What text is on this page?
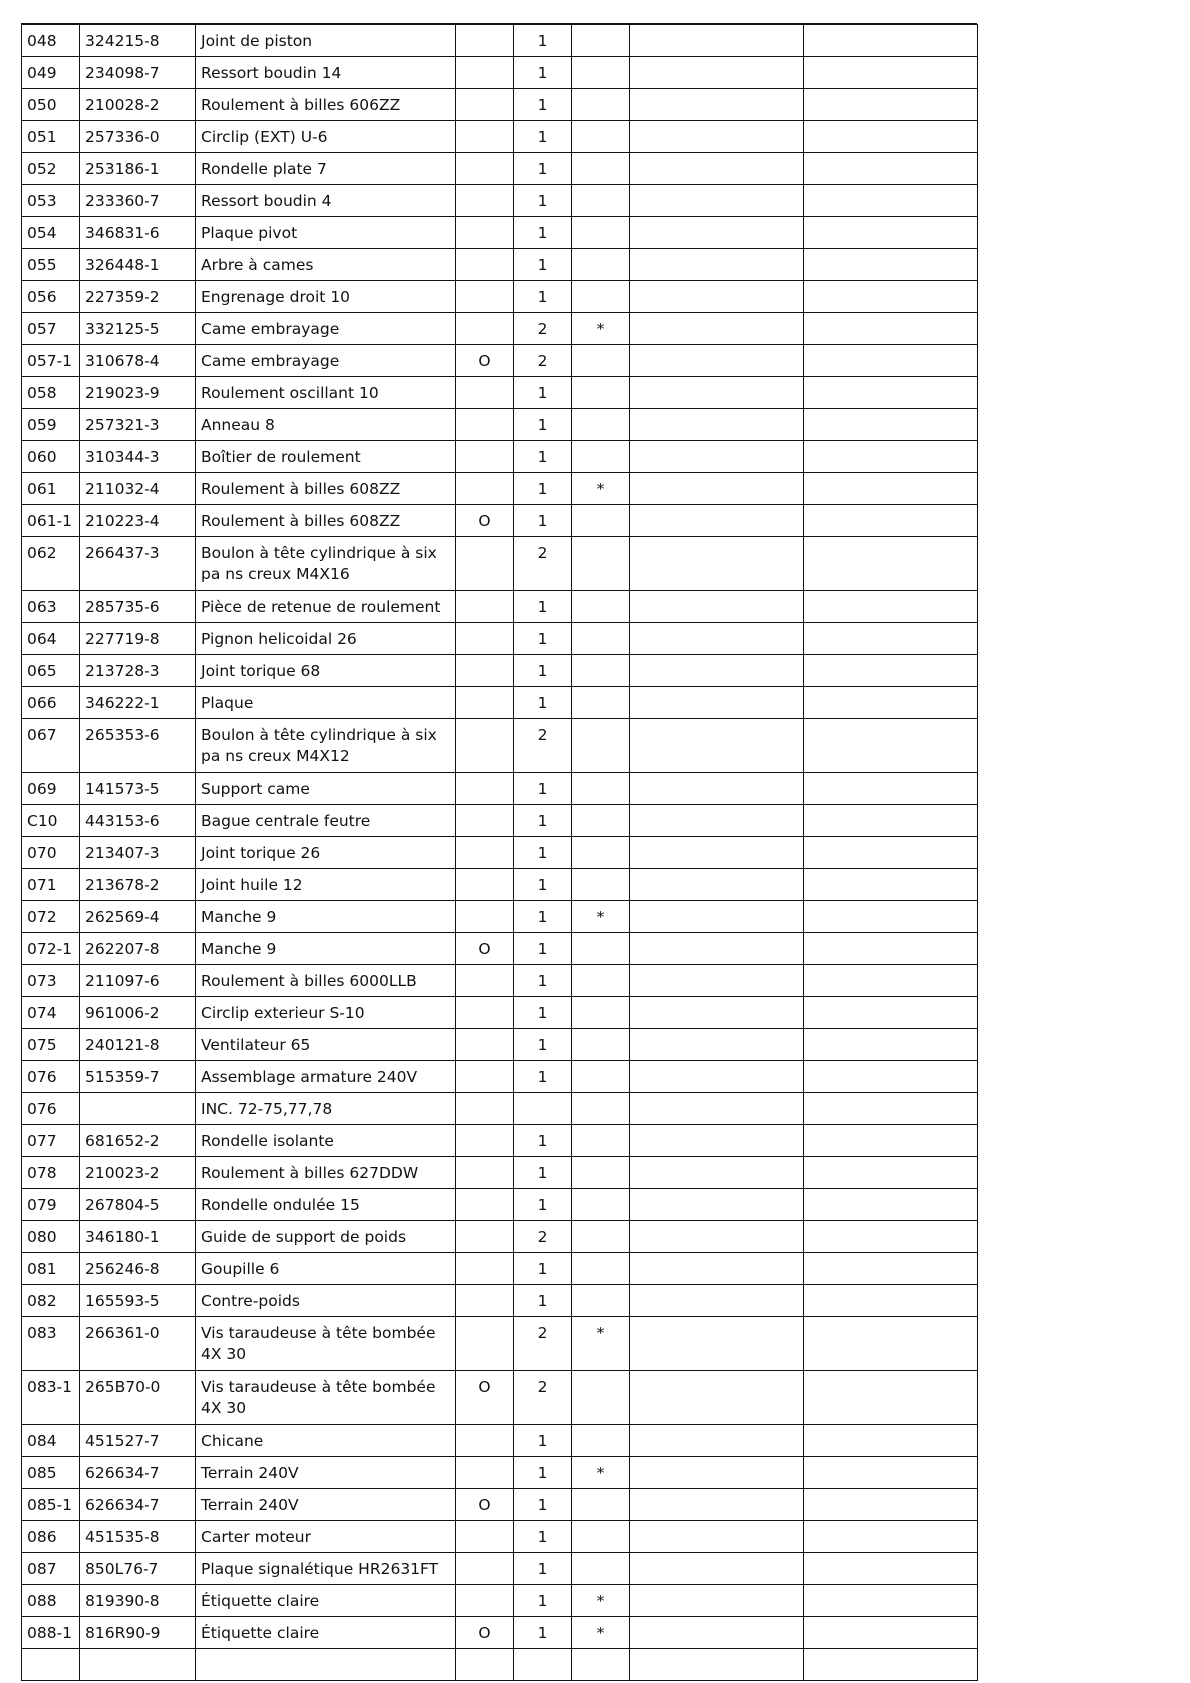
048	324215-8	Joint de piston		1			
049	234098-7	Ressort boudin 14		1			
050	210028-2	Roulement à billes 606ZZ		1			
051	257336-0	Circlip (EXT) U-6		1			
052	253186-1	Rondelle plate 7		1			
053	233360-7	Ressort boudin 4		1			
054	346831-6	Plaque pivot		1			
055	326448-1	Arbre à cames		1			
056	227359-2	Engrenage droit 10		1			
057	332125-5	Came embrayage		2	*		
057-1	310678-4	Came embrayage	O	2			
058	219023-9	Roulement oscillant 10		1			
059	257321-3	Anneau 8		1			
060	310344-3	Boîtier de roulement		1			
061	211032-4	Roulement à billes 608ZZ		1	*		
061-1	210223-4	Roulement à billes 608ZZ	O	1			
062	266437-3	Boulon à tête cylindrique à six pa ns creux M4X16		2			
063	285735-6	Pièce de retenue de roulement		1			
064	227719-8	Pignon helicoidal 26		1			
065	213728-3	Joint torique 68		1			
066	346222-1	Plaque		1			
067	265353-6	Boulon à tête cylindrique à six pa ns creux M4X12		2			
069	141573-5	Support came		1			
C10	443153-6	Bague centrale feutre		1			
070	213407-3	Joint torique 26		1			
071	213678-2	Joint huile 12		1			
072	262569-4	Manche 9		1	*		
072-1	262207-8	Manche 9	O	1			
073	211097-6	Roulement à billes 6000LLB		1			
074	961006-2	Circlip exterieur S-10		1			
075	240121-8	Ventilateur 65		1			
076	515359-7	Assemblage armature 240V		1			
076		INC. 72-75,77,78					
077	681652-2	Rondelle isolante		1			
078	210023-2	Roulement à billes 627DDW		1			
079	267804-5	Rondelle ondulée 15		1			
080	346180-1	Guide de support de poids		2			
081	256246-8	Goupille 6		1			
082	165593-5	Contre-poids		1			
083	266361-0	Vis taraudeuse à tête bombée 4X 30		2	*		
083-1	265B70-0	Vis taraudeuse à tête bombée 4X 30	O	2			
084	451527-7	Chicane		1			
085	626634-7	Terrain 240V		1	*		
085-1	626634-7	Terrain 240V	O	1			
086	451535-8	Carter moteur		1			
087	850L76-7	Plaque signalétique HR2631FT		1			
088	819390-8	Étiquette claire		1	*		
088-1	816R90-9	Étiquette claire	O	1	*		
